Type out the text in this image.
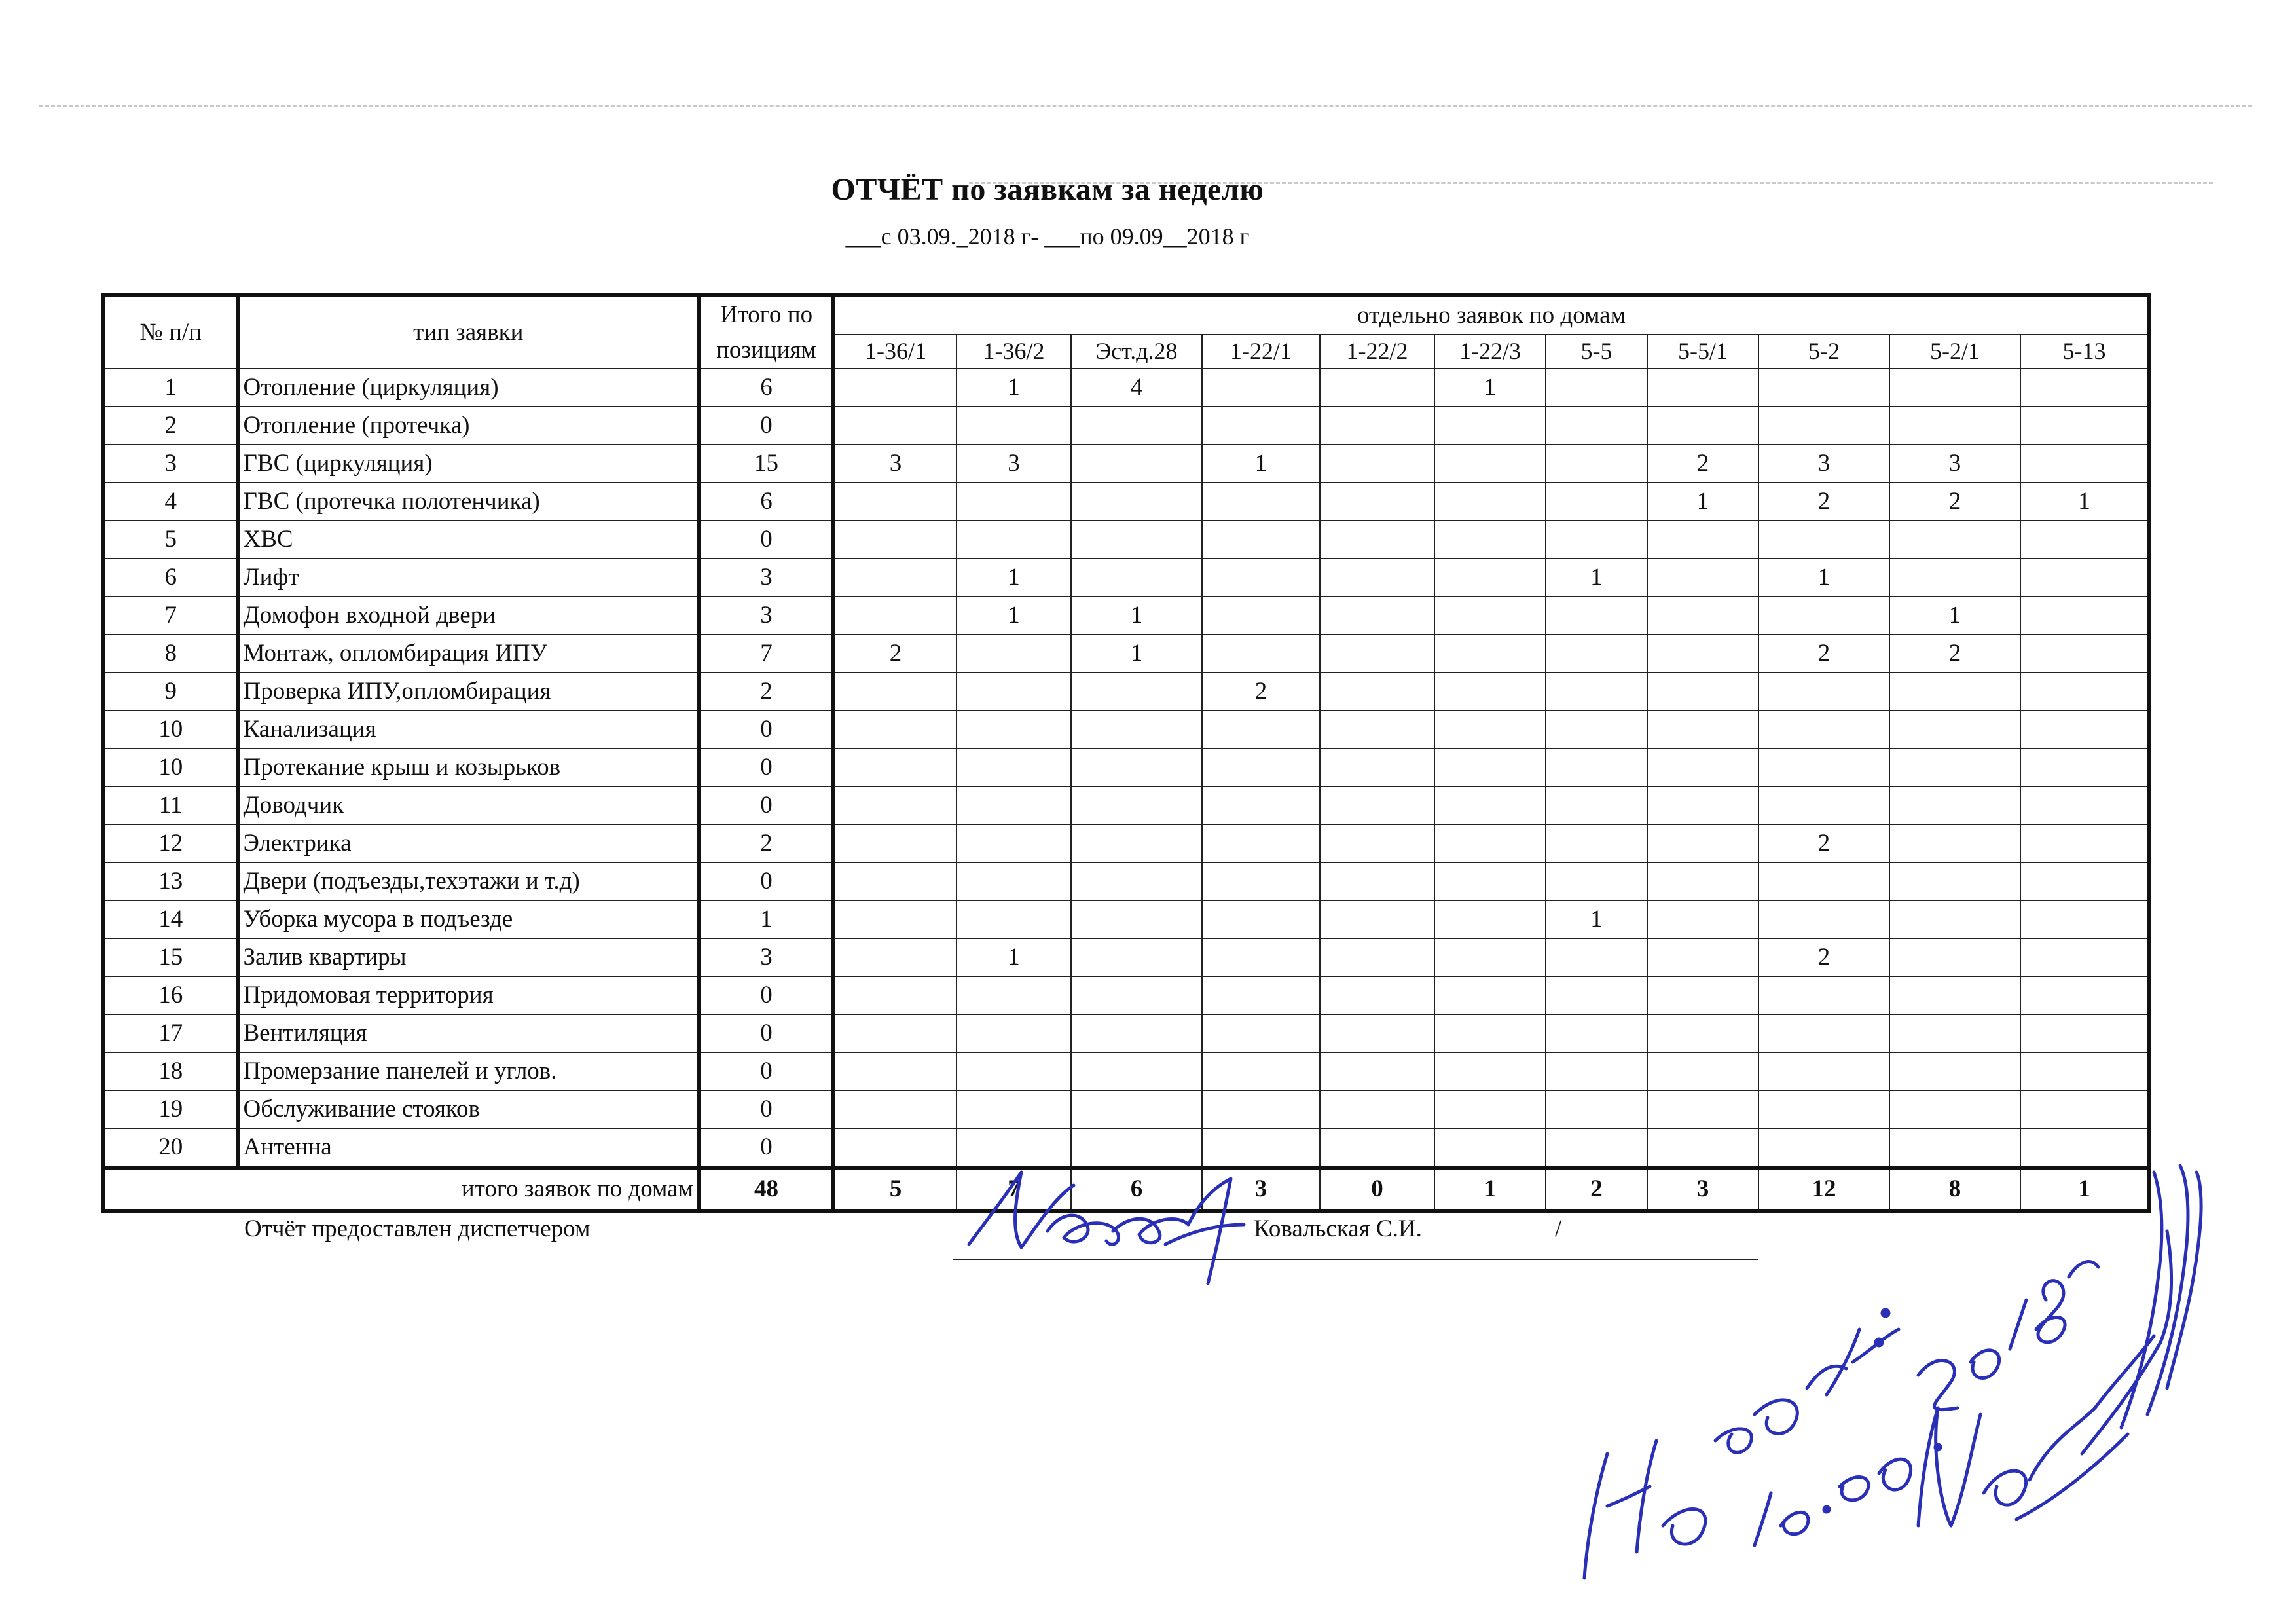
ОТЧЁТ по заявкам за неделю
___с 03.09._2018 г- ___по 09.09__2018 г
№ п/п	тип заявки	Итого по позициям	отдельно заявок по домам										
			1-36/1	1-36/2	Эст.д.28	1-22/1	1-22/2	1-22/3	5-5	5-5/1	5-2	5-2/1	5-13
1	Отопление (циркуляция)	6		1	4			1					
2	Отопление (протечка)	0											
3	ГВС (циркуляция)	15	3	3		1				2	3	3	
4	ГВС (протечка полотенчика)	6								1	2	2	1
5	ХВС	0											
6	Лифт	3		1					1		1		
7	Домофон входной двери	3		1	1							1	
8	Монтаж, опломбирация ИПУ	7	2		1						2	2	
9	Проверка ИПУ,опломбирация	2				2							
10	Канализация	0											
10	Протекание крыш и козырьков	0											
11	Доводчик	0											
12	Электрика	2									2		
13	Двери (подъезды,техэтажи и т.д)	0											
14	Уборка мусора в подъезде	1							1				
15	Залив квартиры	3		1							2		
16	Придомовая территория	0											
17	Вентиляция	0											
18	Промерзание панелей и углов.	0											
19	Обслуживание стояков	0											
20	Антенна	0											
итого заявок по домам		48	5	7	6	3	0	1	2	3	12	8	1
Отчёт предоставлен диспетчером	Ковальская С.И.	/
